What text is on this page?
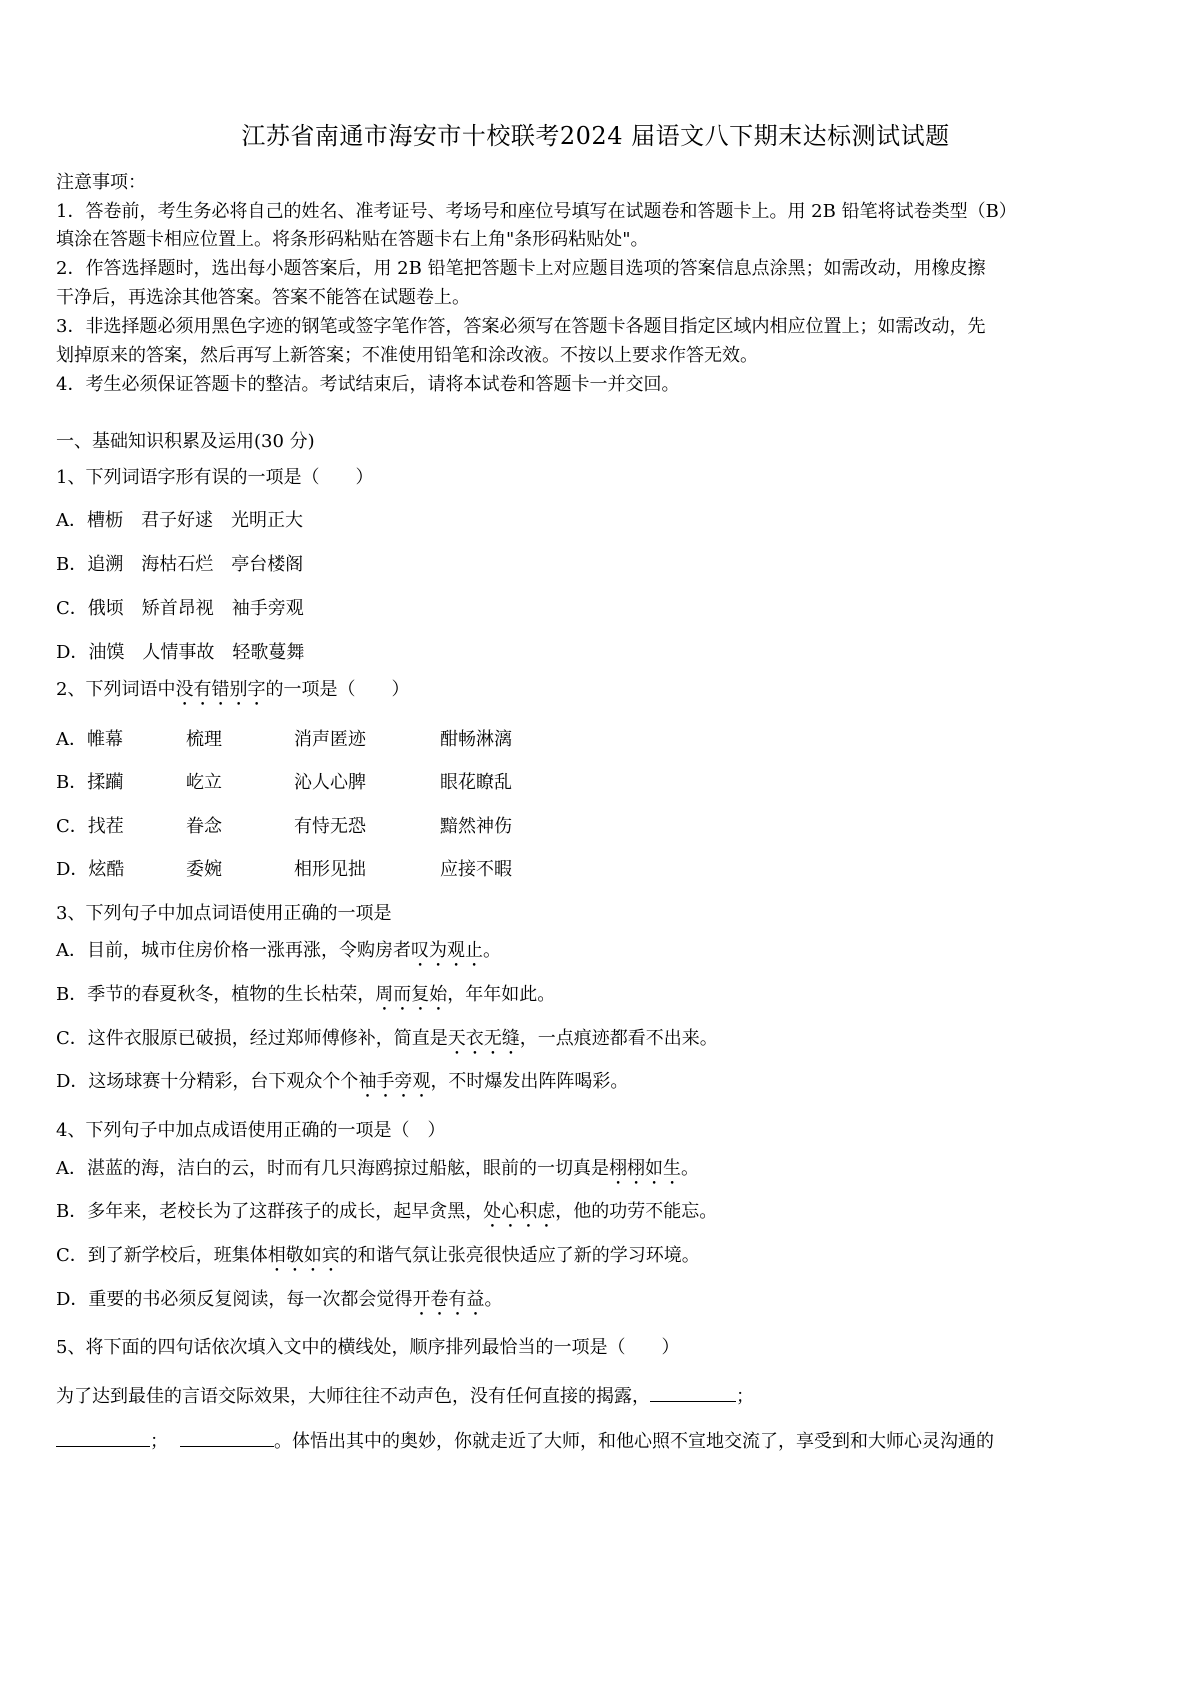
江苏省南通市海安市十校联考2024 届语文八下期末达标测试试题
注意事项：
1．答卷前，考生务必将自己的姓名、准考证号、考场号和座位号填写在试题卷和答题卡上。用 2B 铅笔将试卷类型（B）
填涂在答题卡相应位置上。将条形码粘贴在答题卡右上角"条形码粘贴处"。
2．作答选择题时，选出每小题答案后，用 2B 铅笔把答题卡上对应题目选项的答案信息点涂黑；如需改动，用橡皮擦
干净后，再选涂其他答案。答案不能答在试题卷上。
3．非选择题必须用黑色字迹的钢笔或签字笔作答，答案必须写在答题卡各题目指定区域内相应位置上；如需改动，先
划掉原来的答案，然后再写上新答案；不准使用铅笔和涂改液。不按以上要求作答无效。
4．考生必须保证答题卡的整洁。考试结束后，请将本试卷和答题卡一并交回。
一、基础知识积累及运用(30 分)
1、下列词语字形有误的一项是（　　）
A．槽枥　君子好逑　光明正大
B．追溯　海枯石烂　亭台楼阁
C．俄顷　矫首昂视　袖手旁观
D．油馍　人情事故　轻歌蔓舞
2、下列词语中没有错别字的一项是（　　）
A．帷幕	梳理	消声匿迹	酣畅淋漓
B．揉躏	屹立	沁人心脾	眼花瞭乱
C．找茬	眷念	有恃无恐	黯然神伤
D．炫酷	委婉	相形见拙	应接不暇
3、下列句子中加点词语使用正确的一项是
A．目前，城市住房价格一涨再涨，令购房者叹为观止。
B．季节的春夏秋冬，植物的生长枯荣，周而复始，年年如此。
C．这件衣服原已破损，经过郑师傅修补，简直是天衣无缝，一点痕迹都看不出来。
D．这场球赛十分精彩，台下观众个个袖手旁观，不时爆发出阵阵喝彩。
4、下列句子中加点成语使用正确的一项是（　）
A．湛蓝的海，洁白的云，时而有几只海鸥掠过船舷，眼前的一切真是栩栩如生。
B．多年来，老校长为了这群孩子的成长，起早贪黑，处心积虑，他的功劳不能忘。
C．到了新学校后，班集体相敬如宾的和谐气氛让张亮很快适应了新的学习环境。
D．重要的书必须反复阅读，每一次都会觉得开卷有益。
5、将下面的四句话依次填入文中的横线处，顺序排列最恰当的一项是（　　）
为了达到最佳的言语交际效果，大师往往不动声色，没有任何直接的揭露，	；
；	。体悟出其中的奥妙，你就走近了大师，和他心照不宣地交流了，享受到和大师心灵沟通的
